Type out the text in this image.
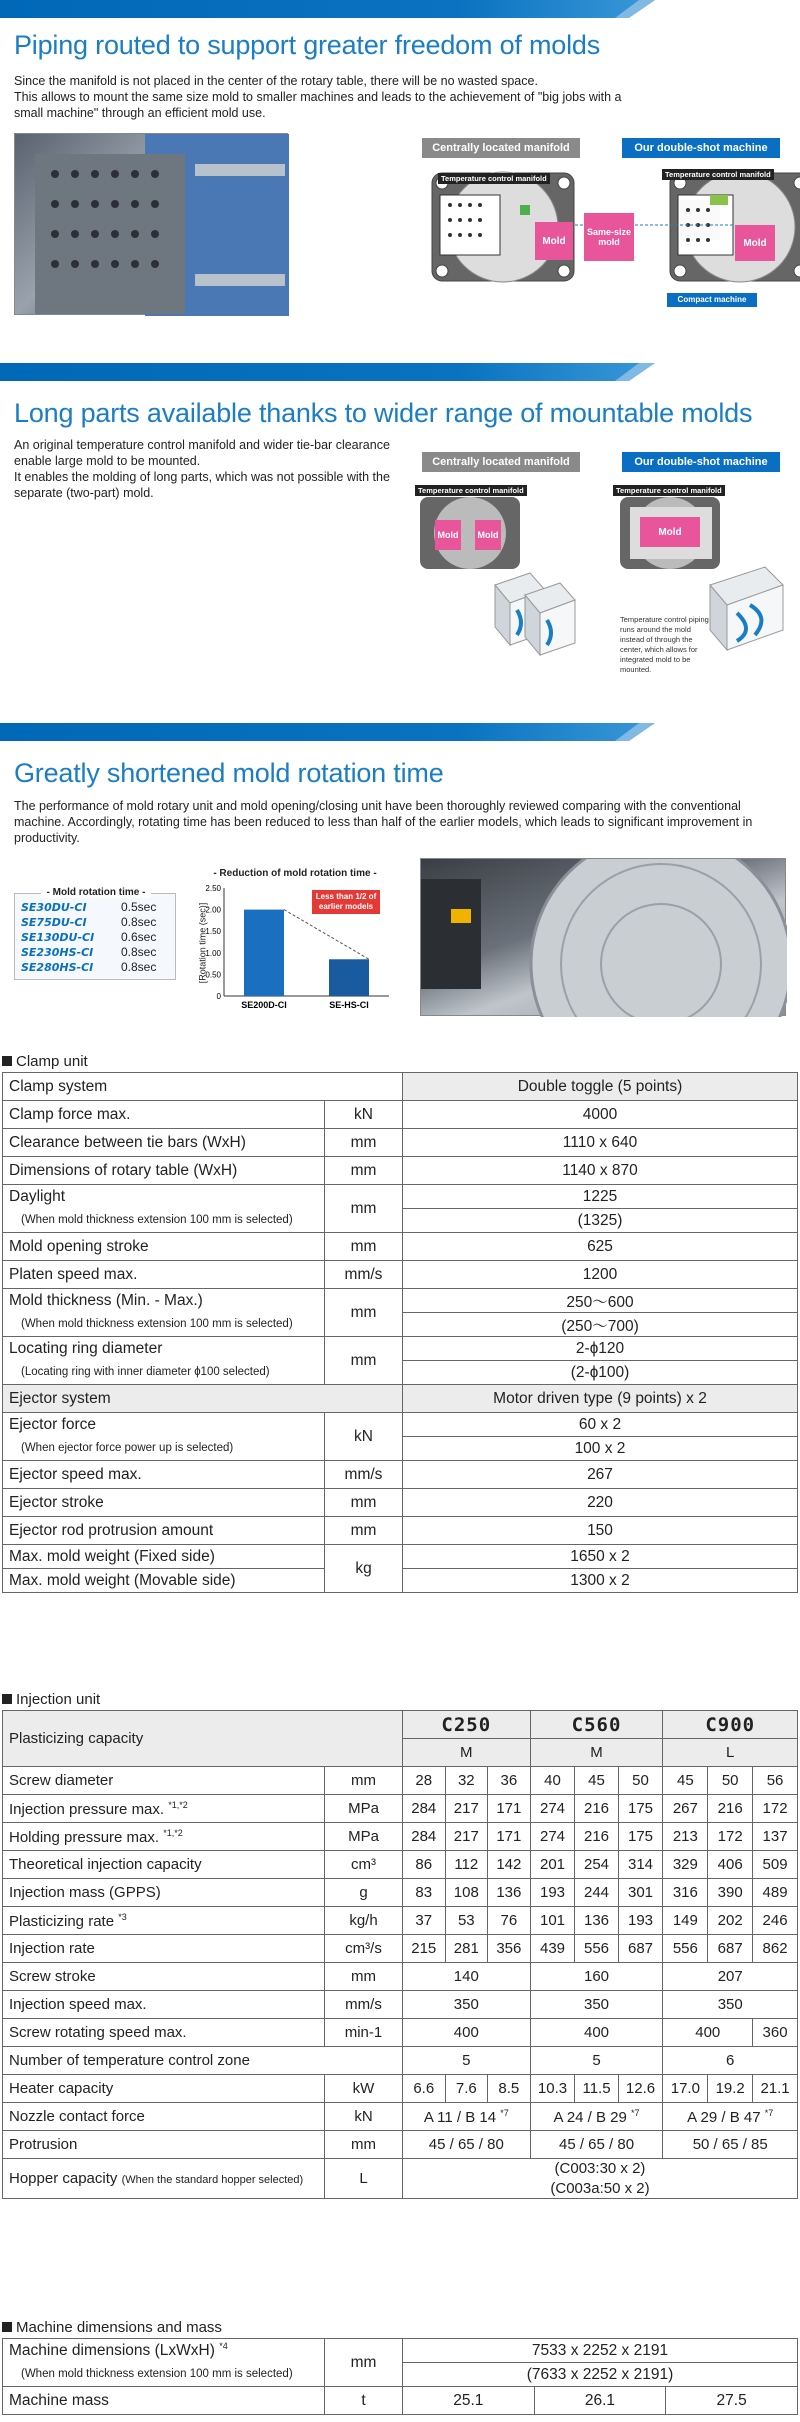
Piping routed to support greater freedom of molds

Since the manifold is not placed in the center of the rotary table, there will be no wasted space.
This allows to mount the same size mold to smaller machines and leads to the achievement of "big jobs with a small machine" through an efficient mold use.

Centrally located manifold	Our double-shot machine
Temperature control manifold	Temperature control manifold
Mold
Same-size mold	Mold
Compact machine
Long parts available thanks to wider range of mountable molds

An original temperature control manifold and wider tie-bar clearance enable large mold to be mounted.
It enables the molding of long parts, which was not possible with the separate (two-part) mold.

Centrally located manifold	Our double-shot machine
Temperature control manifold	Temperature control manifold
Mold Mold	Mold

Temperature control piping runs around the mold instead of through the center, which allows for integrated mold to be mounted.

Greatly shortened mold rotation time

The performance of mold rotary unit and mold opening/closing unit have been thoroughly reviewed comparing with the conventional machine. Accordingly, rotating time has been reduced to less than half of the earlier models, which leads to significant improvement in productivity.

- Mold rotation time -
SE30DU-CI	0.5sec
SE75DU-CI	0.8sec
SE130DU-CI	0.6sec
SE230HS-CI	0.8sec
SE280HS-CI	0.8sec
- Reduction of mold rotation time -
[Rotation time (sec)]
0
0.50
1.00
1.50
2.00
2.50
SE200D-CI	SE-HS-CI
Less than 1/2 of earlier models
Clamp unit
Clamp system		Double toggle (5 points)
Clamp force max.	kN	4000
Clearance between tie bars (WxH)	mm	1110 x 640
Dimensions of rotary table (WxH)	mm	1140 x 870
Daylight	mm	1225
(When mold thickness extension 100 mm is selected)		(1325)
Mold opening stroke	mm	625
Platen speed max.	mm/s	1200
Mold thickness (Min. - Max.)	mm	250～600
(When mold thickness extension 100 mm is selected)		(250～700)
Locating ring diameter	mm	2-ɸ120
(Locating ring with inner diameter ɸ100 selected)		(2-ɸ100)
Ejector system		Motor driven type (9 points) x 2
Ejector force	kN	60 x 2
(When ejector force power up is selected)		100 x 2
Ejector speed max.	mm/s	267
Ejector stroke	mm	220
Ejector rod protrusion amount	mm	150
Max. mold weight (Fixed side)	kg	1650 x 2
Max. mold weight (Movable side)		1300 x 2
Injection unit
Plasticizing capacity		C250			C560			C900		
		M			M			L		
Screw diameter	mm	28	32	36	40	45	50	45	50	56
Injection pressure max. $^{*1,*2}$	MPa	284	217	171	274	216	175	267	216	172
Holding pressure max. $^{*1,*2}$	MPa	284	217	171	274	216	175	213	172	137
Theoretical injection capacity	cm³	86	112	142	201	254	314	329	406	509
Injection mass (GPPS)	g	83	108	136	193	244	301	316	390	489
Plasticizing rate $^{*3}$	kg/h	37	53	76	101	136	193	149	202	246
Injection rate	cm³/s	215	281	356	439	556	687	556	687	862
Screw stroke	mm	140			160			207		
Injection speed max.	mm/s	350			350			350		
Screw rotating speed max.	min-1	400			400			400		360
Number of temperature control zone		5			5			6		
Heater capacity	kW	6.6	7.6	8.5	10.3	11.5	12.6	17.0	19.2	21.1
Nozzle contact force	kN	A 11 / B 14 $^{*7}$			A 24 / B 29 $^{*7}$			A 29 / B 47 $^{*7}$
Protrusion	mm	45 / 65 / 80			45 / 65 / 80			50 / 65 / 85		
Hopper capacity (When the standard hopper selected)	L	(C003:30 x 2)								
		(C003a:50 x 2)								
Machine dimensions and mass
Machine dimensions (LxWxH) $^{*4}$	mm	7533 x 2252 x 2191		
(When mold thickness extension 100 mm is selected)		(7633 x 2252 x 2191)		
Machine mass	t	25.1	26.1	27.5
